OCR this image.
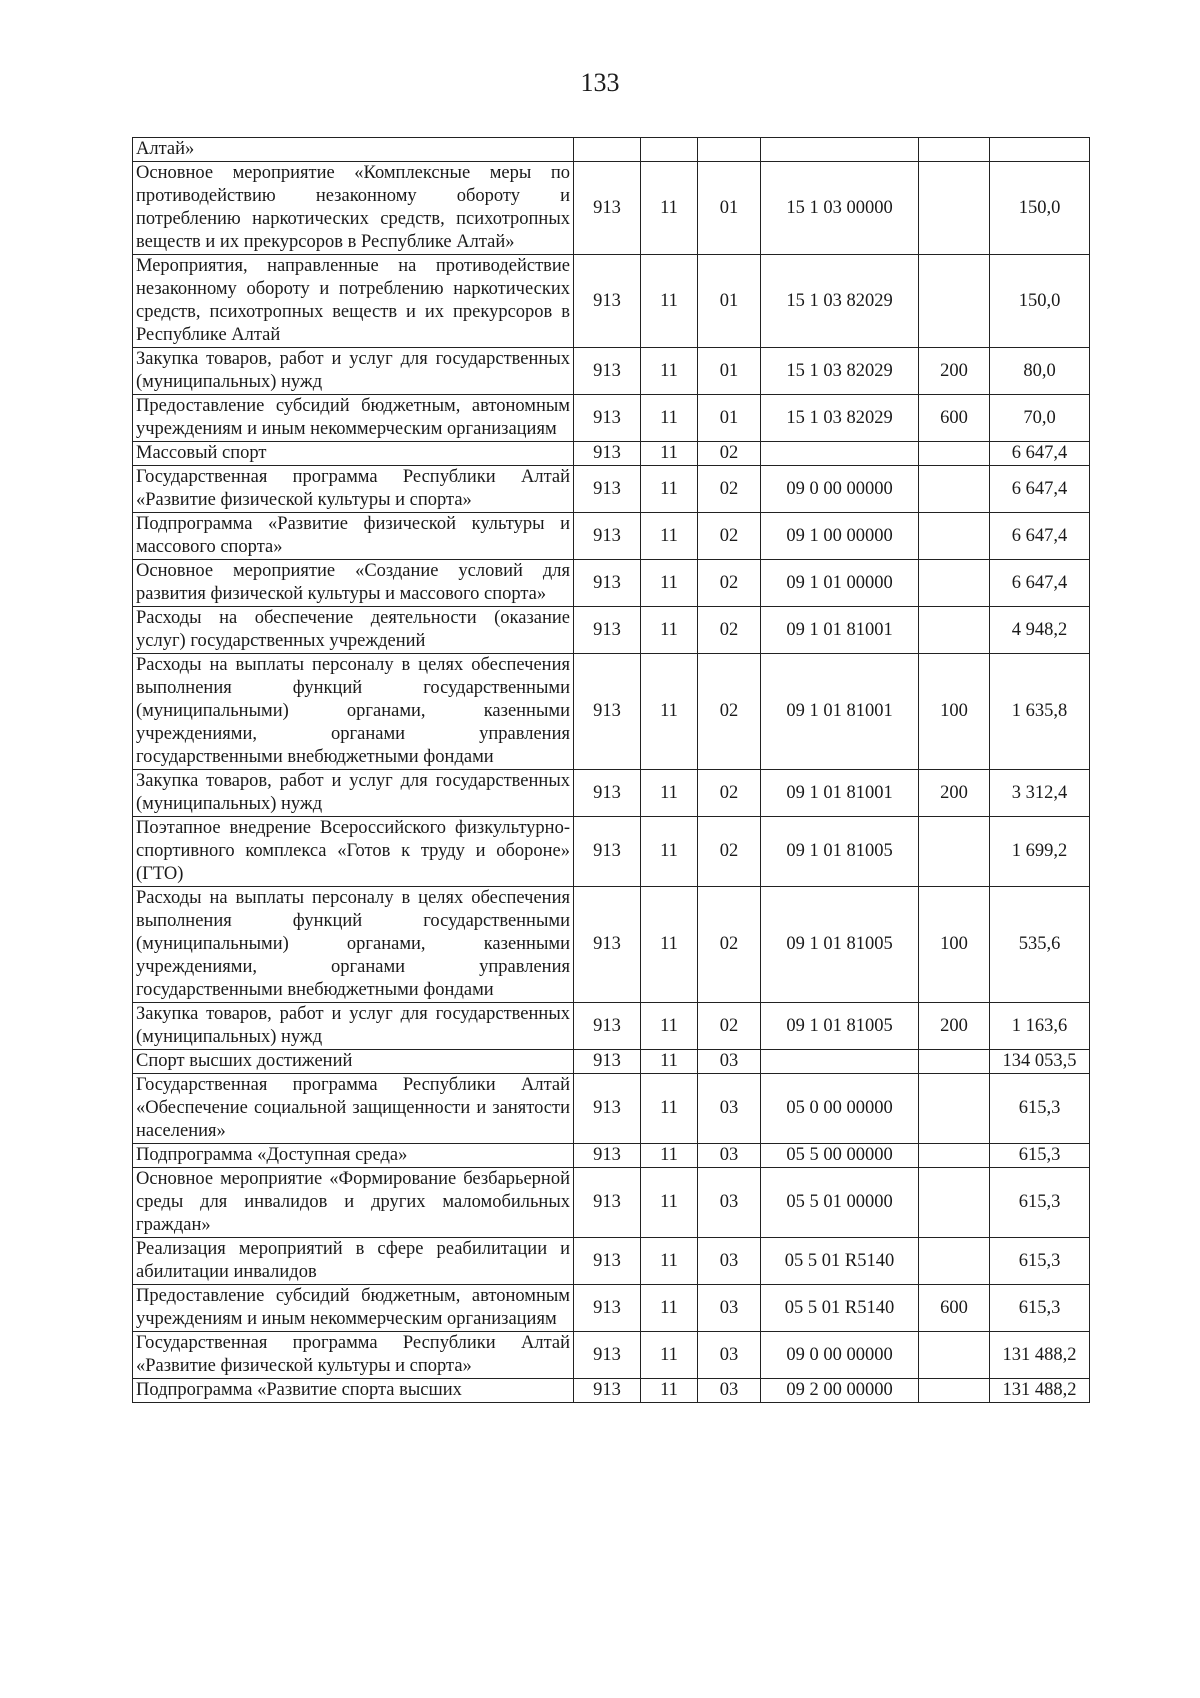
133
Алтай»						
Основное мероприятие «Комплексные меры по противодействию незаконному обороту и потреблению наркотических средств, психотропных веществ и их прекурсоров в Республике Алтай»	913	11	01	15 1 03 00000		150,0
Мероприятия, направленные на противодействие незаконному обороту и потреблению наркотических средств, психотропных веществ и их прекурсоров в Республике Алтай	913	11	01	15 1 03 82029		150,0
Закупка товаров, работ и услуг для государственных (муниципальных) нужд	913	11	01	15 1 03 82029	200	80,0
Предоставление субсидий бюджетным, автономным учреждениям и иным некоммерческим организациям	913	11	01	15 1 03 82029	600	70,0
Массовый спорт	913	11	02			6 647,4
Государственная программа Республики Алтай «Развитие физической культуры и спорта»	913	11	02	09 0 00 00000		6 647,4
Подпрограмма «Развитие физической культуры и массового спорта»	913	11	02	09 1 00 00000		6 647,4
Основное мероприятие «Создание условий для развития физической культуры и массового спорта»	913	11	02	09 1 01 00000		6 647,4
Расходы на обеспечение деятельности (оказание услуг) государственных учреждений	913	11	02	09 1 01 81001		4 948,2
Расходы на выплаты персоналу в целях обеспечения выполнения функций государственными (муниципальными) органами, казенными учреждениями, органами управления государственными внебюджетными фондами	913	11	02	09 1 01 81001	100	1 635,8
Закупка товаров, работ и услуг для государственных (муниципальных) нужд	913	11	02	09 1 01 81001	200	3 312,4
Поэтапное внедрение Всероссийского физкультурно-спортивного комплекса «Готов к труду и обороне» (ГТО)	913	11	02	09 1 01 81005		1 699,2
Расходы на выплаты персоналу в целях обеспечения выполнения функций государственными (муниципальными) органами, казенными учреждениями, органами управления государственными внебюджетными фондами	913	11	02	09 1 01 81005	100	535,6
Закупка товаров, работ и услуг для государственных (муниципальных) нужд	913	11	02	09 1 01 81005	200	1 163,6
Спорт высших достижений	913	11	03			134 053,5
Государственная программа Республики Алтай «Обеспечение социальной защищенности и занятости населения»	913	11	03	05 0 00 00000		615,3
Подпрограмма «Доступная среда»	913	11	03	05 5 00 00000		615,3
Основное мероприятие «Формирование безбарьерной среды для инвалидов и других маломобильных граждан»	913	11	03	05 5 01 00000		615,3
Реализация мероприятий в сфере реабилитации и абилитации инвалидов	913	11	03	05 5 01 R5140		615,3
Предоставление субсидий бюджетным, автономным учреждениям и иным некоммерческим организациям	913	11	03	05 5 01 R5140	600	615,3
Государственная программа Республики Алтай «Развитие физической культуры и спорта»	913	11	03	09 0 00 00000		131 488,2
Подпрограмма «Развитие спорта высших	913	11	03	09 2 00 00000		131 488,2
